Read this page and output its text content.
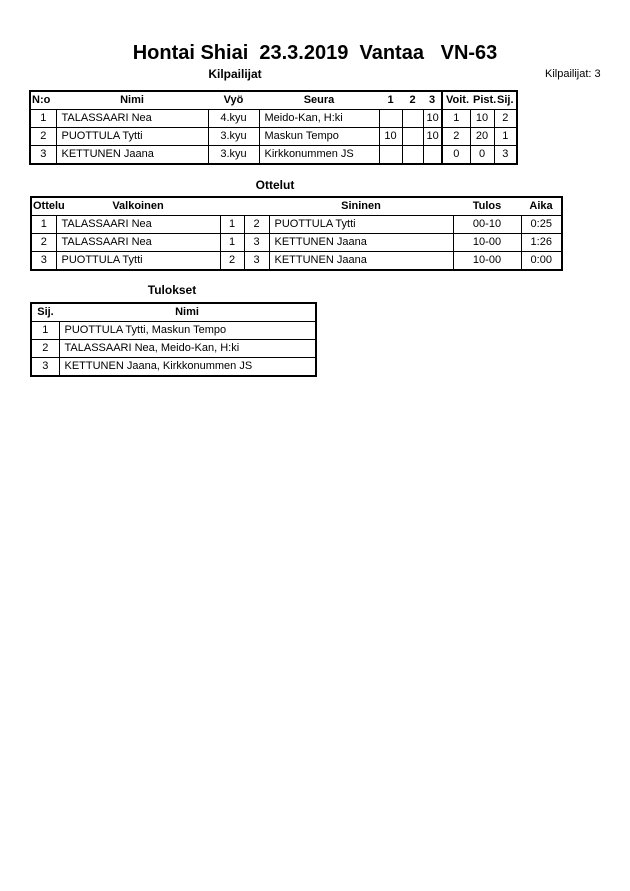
Hontai Shiai  23.3.2019  Vantaa   VN-63
Kilpailijat	Kilpailijat: 3
N:o	Nimi	Vyö	Seura	1	2	3	Voit.	Pist.	Sij.
1	TALASSAARI Nea	4.kyu	Meido-Kan, H:ki			10	1	10	2
2	PUOTTULA Tytti	3.kyu	Maskun Tempo	10		10	2	20	1
3	KETTUNEN Jaana	3.kyu	Kirkkonummen JS				0	0	3
Ottelut
Ottelu	Valkoinen			Sininen	Tulos	Aika
1	TALASSAARI Nea	1	2	PUOTTULA Tytti	00-10	0:25
2	TALASSAARI Nea	1	3	KETTUNEN Jaana	10-00	1:26
3	PUOTTULA Tytti	2	3	KETTUNEN Jaana	10-00	0:00
Tulokset
Sij.	Nimi
1	PUOTTULA Tytti, Maskun Tempo
2	TALASSAARI Nea, Meido-Kan, H:ki
3	KETTUNEN Jaana, Kirkkonummen JS
